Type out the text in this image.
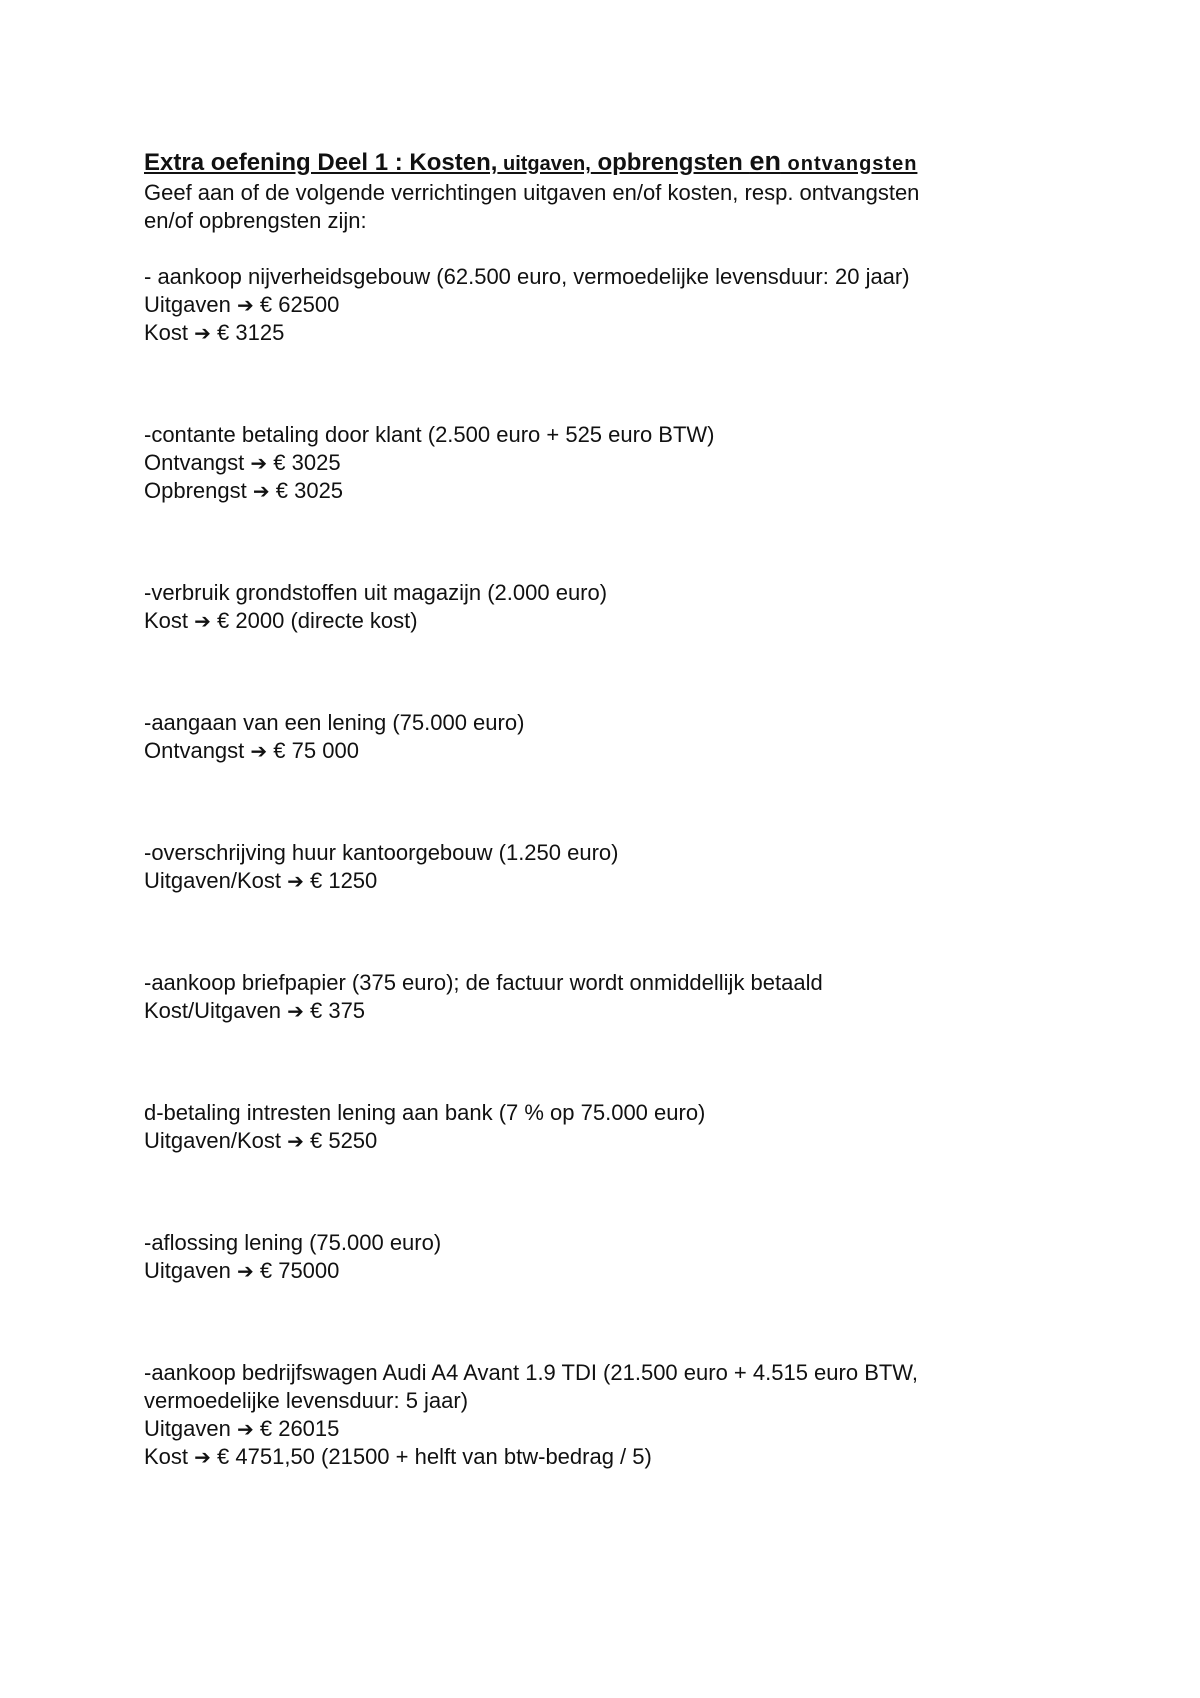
Extra oefening Deel 1 : Kosten, uitgaven, opbrengsten en ontvangsten
Geef aan of de volgende verrichtingen uitgaven en/of kosten, resp. ontvangsten
en/of opbrengsten zijn:
- aankoop nijverheidsgebouw (62.500 euro, vermoedelijke levensduur: 20 jaar)
Uitgaven ➔ € 62500
Kost ➔ € 3125
-contante betaling door klant (2.500 euro + 525 euro BTW)
Ontvangst ➔ € 3025
Opbrengst ➔ € 3025
-verbruik grondstoffen uit magazijn (2.000 euro)
Kost ➔ € 2000 (directe kost)
-aangaan van een lening (75.000 euro)
Ontvangst ➔ € 75 000
-overschrijving huur kantoorgebouw (1.250 euro)
Uitgaven/Kost ➔ € 1250
-aankoop briefpapier (375 euro); de factuur wordt onmiddellijk betaald
Kost/Uitgaven ➔ € 375
d-betaling intresten lening aan bank (7 % op 75.000 euro)
Uitgaven/Kost ➔ € 5250
-aflossing lening (75.000 euro)
Uitgaven ➔ € 75000
-aankoop bedrijfswagen Audi A4 Avant 1.9 TDI (21.500 euro + 4.515 euro BTW,
vermoedelijke levensduur: 5 jaar)
Uitgaven ➔ € 26015
Kost ➔ € 4751,50 (21500 + helft van btw-bedrag / 5)
